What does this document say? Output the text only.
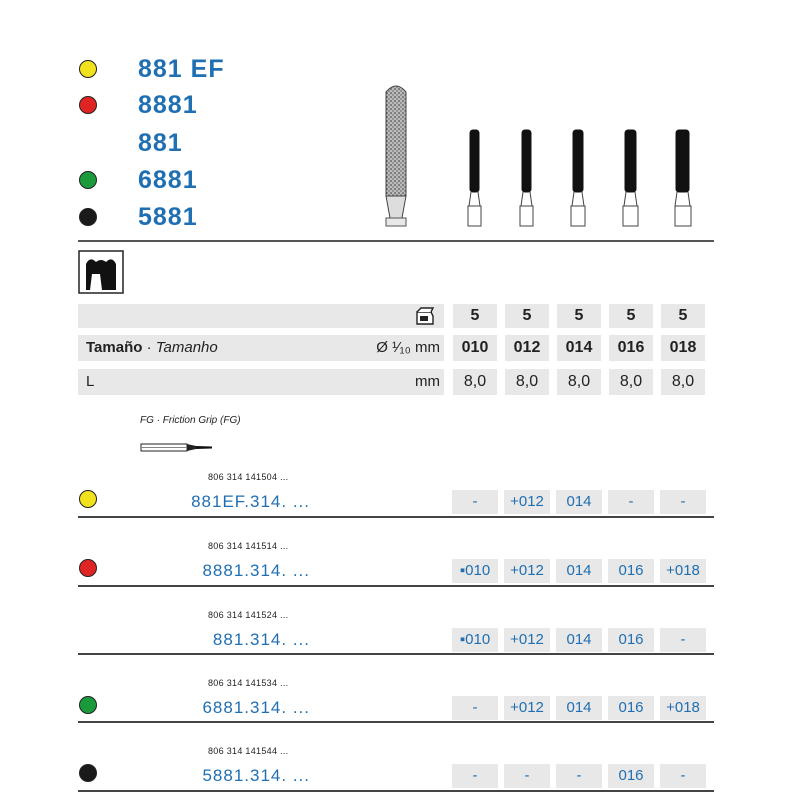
881 EF
8881
881
6881
5881
5	5	5	5	5
Tamaño · Tamanho	Ø ¹⁄₁₀ mm	010	012	014	016	018
L	mm	8,0	8,0	8,0	8,0	8,0
FG · Friction Grip (FG)
806 314 141504 ...
881EF.314. ...	-	+012	014	-	-
806 314 141514 ...
8881.314. ...	▪010	+012	014	016	+018
806 314 141524 ...
881.314. ...	▪010	+012	014	016	-
806 314 141534 ...
6881.314. ...	-	+012	014	016	+018
806 314 141544 ...
5881.314. ...	-	-	-	016	-
